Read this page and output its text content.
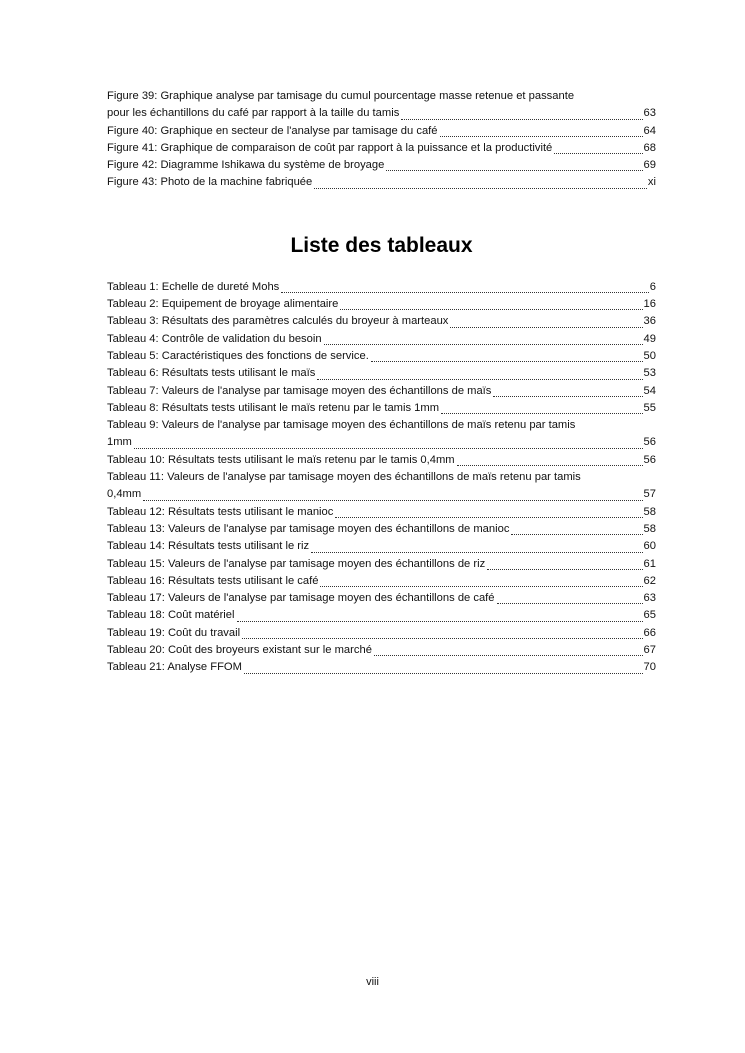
Figure 39: Graphique analyse par tamisage du cumul pourcentage masse retenue et passante
pour les échantillons du café par rapport à la taille du tamis	63
Figure 40: Graphique en secteur de l'analyse par tamisage du café	64
Figure 41: Graphique de comparaison de coût par rapport à la puissance et la productivité	68
Figure 42: Diagramme Ishikawa du système de broyage	69
Figure 43: Photo de la machine fabriquée	xi
Liste des tableaux
Tableau 1: Echelle de dureté Mohs	6
Tableau 2: Equipement de broyage alimentaire	16
Tableau 3: Résultats des paramètres calculés du broyeur à marteaux	36
Tableau 4: Contrôle de validation du besoin	49
Tableau 5: Caractéristiques des fonctions de service.	50
Tableau 6: Résultats tests utilisant le maïs	53
Tableau 7: Valeurs de l'analyse par tamisage moyen des échantillons de maïs	54
Tableau 8: Résultats tests utilisant le maïs retenu par le tamis 1mm	55
Tableau 9: Valeurs de l'analyse par tamisage moyen des échantillons de maïs retenu par tamis
1mm	56
Tableau 10: Résultats tests utilisant le maïs retenu par le tamis 0,4mm	56
Tableau 11: Valeurs de l'analyse par tamisage moyen des échantillons de maïs retenu par tamis
0,4mm	57
Tableau 12: Résultats tests utilisant le manioc	58
Tableau 13: Valeurs de l'analyse par tamisage moyen des échantillons de manioc	58
Tableau 14: Résultats tests utilisant le riz	60
Tableau 15: Valeurs de l'analyse par tamisage moyen des échantillons de riz	61
Tableau 16: Résultats tests utilisant le café	62
Tableau 17: Valeurs de l'analyse par tamisage moyen des échantillons de café	63
Tableau 18: Coût matériel	65
Tableau 19: Coût du travail	66
Tableau 20: Coût des broyeurs existant sur le marché	67
Tableau 21: Analyse FFOM	70
viii
